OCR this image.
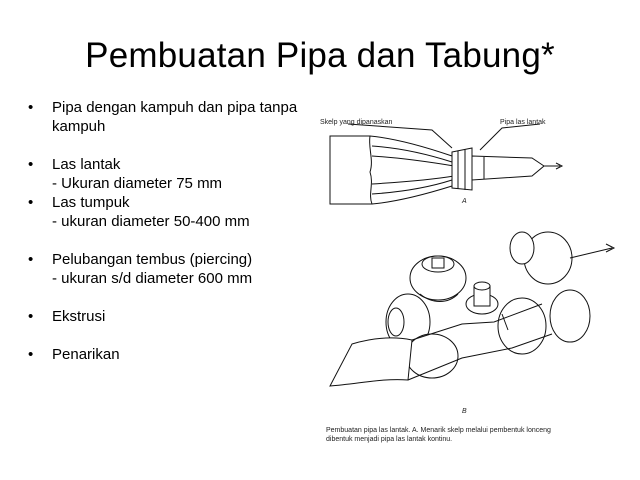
Pembuatan Pipa dan Tabung*
•	Pipa dengan kampuh dan pipa tanpa kampuh
•	Las lantak
- Ukuran diameter 75 mm
•	Las tumpuk
- ukuran diameter 50-400 mm
•	Pelubangan tembus (piercing)
- ukuran s/d diameter 600 mm
•	Ekstrusi
•	Penarikan
Skelp yang dipanaskan	Pipa las lantak
A
B
Pembuatan pipa las lantak. A. Menarik skelp melalui pembentuk lonceng
dibentuk menjadi pipa las lantak kontinu.
